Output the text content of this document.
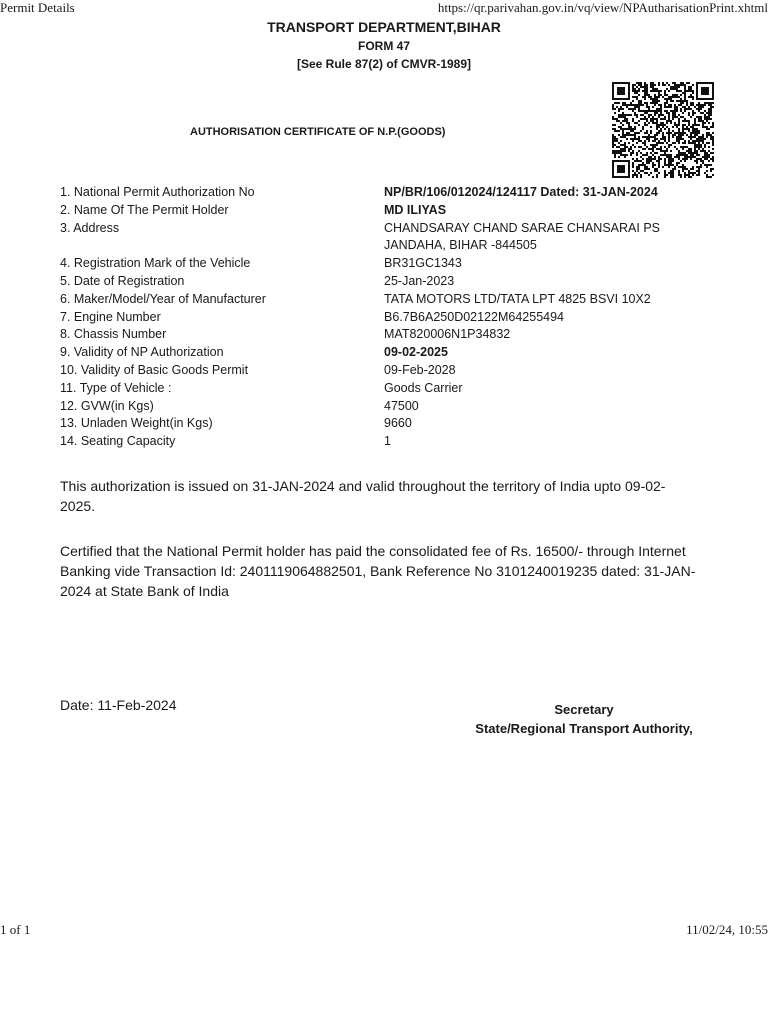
Permit Details	https://qr.parivahan.gov.in/vq/view/NPAutharisationPrint.xhtml
TRANSPORT DEPARTMENT,BIHAR
FORM 47
[See Rule 87(2) of CMVR-1989]
AUTHORISATION CERTIFICATE OF N.P.(GOODS)
1. National Permit Authorization No	NP/BR/106/012024/124117 Dated: 31-JAN-2024
2. Name Of The Permit Holder	MD ILIYAS
3. Address	CHANDSARAY CHAND SARAE CHANSARAI PS
JANDAHA, BIHAR -844505
4. Registration Mark of the Vehicle	BR31GC1343
5. Date of Registration	25-Jan-2023
6. Maker/Model/Year of Manufacturer	TATA MOTORS LTD/TATA LPT 4825 BSVI 10X2
7. Engine Number	B6.7B6A250D02122M64255494
8. Chassis Number	MAT820006N1P34832
9. Validity of NP Authorization	09-02-2025
10. Validity of Basic Goods Permit	09-Feb-2028
11. Type of Vehicle :	Goods Carrier
12. GVW(in Kgs)	47500
13. Unladen Weight(in Kgs)	9660
14. Seating Capacity	1
This authorization is issued on 31-JAN-2024 and valid throughout the territory of India upto 09-02-2025.
Certified that the National Permit holder has paid the consolidated fee of Rs. 16500/- through Internet Banking vide Transaction Id: 2401119064882501, Bank Reference No 3101240019235 dated: 31-JAN-2024 at State Bank of India
Date: 11-Feb-2024	Secretary
State/Regional Transport Authority,
1 of 1	11/02/24, 10:55
